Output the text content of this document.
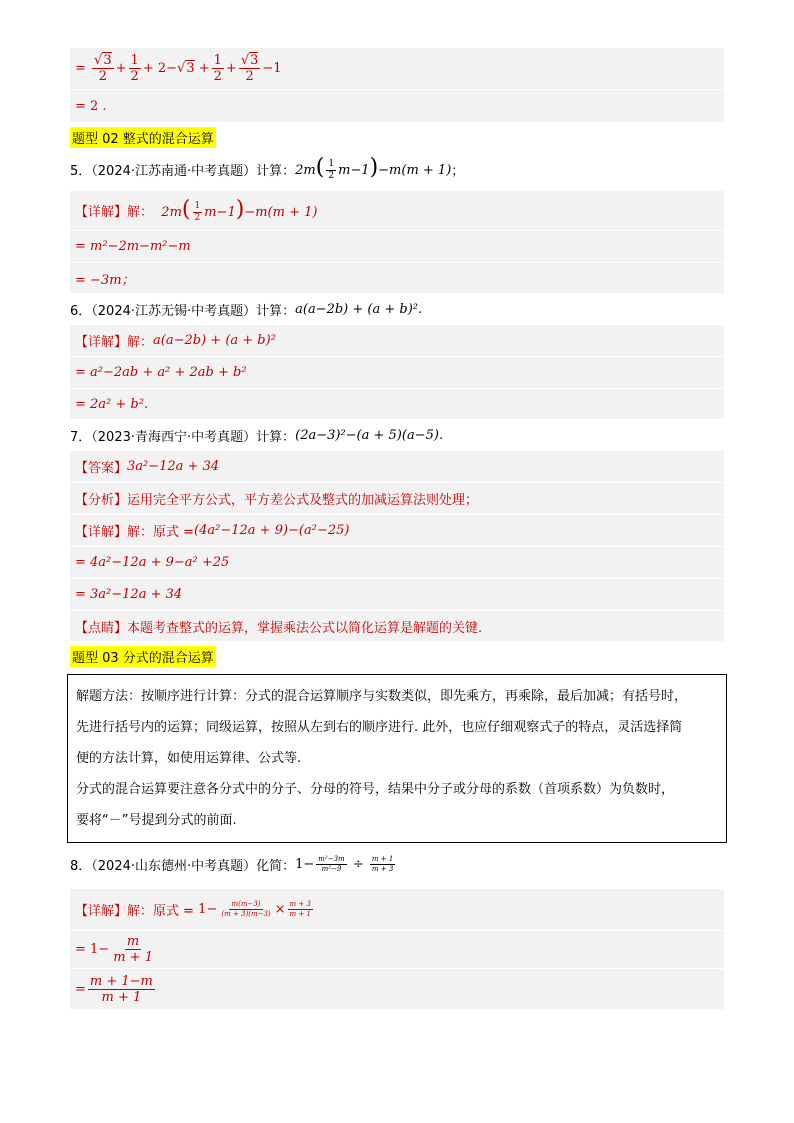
=
$\frac{√3}{2} + \frac{1}{2} + 2- √3 + \frac{1}{2} + \frac{√3}{2} -1$
= 2 .
题型 02 整式的混合运算
5．（2024·江苏南通·中考真题）计算： $2m( \frac{1}{2} m-1)-m(m + 1)$ ；
【详解】 解：
$2m( \frac{1}{2} m-1)-m(m + 1)$
= m²−2m−m²−m
= −3m；
6．（2024·江苏无锡·中考真题）计算： a(a−2b) + (a + b)².
【详解】 解： a(a−2b) + (a + b)²
= a²−2ab + a² + 2ab + b²
= 2a² + b².
7．（2023·青海西宁·中考真题）计算： (2a−3)²−(a + 5)(a−5).
【答案】 3a²−12a + 34
【分析】 运用完全平方公式，平方差公式及整式的加减运算法则处理；
【详解】 解：原式 = (4a²−12a + 9)−(a²−25)
= 4a²−12a + 9−a² +25
= 3a²−12a + 34
【点睛】 本题考查整式的运算，掌握乘法公式以简化运算是解题的关键.
题型 03 分式的混合运算
解题方法：按顺序进行计算：分式的混合运算顺序与实数类似，即先乘方，再乘除，最后加减；有括号时，
先进行括号内的运算；同级运算，按照从左到右的顺序进行. 此外，也应仔细观察式子的特点，灵活选择简
便的方法计算，如使用运算律、公式等.
分式的混合运算要注意各分式中的分子、分母的符号，结果中分子或分母的系数（首项系数）为负数时，
要将“－”号提到分式的前面.
8．（2024·山东德州·中考真题）化简： $1- \frac{\text{m²−3m}}{\text{m²−9}} \div \frac{m + 1}{m + 3}$
【详解】 解：原式 = $1- \frac{m(m-3)}{(m + 3)(m-3)} \times \frac{m + 3}{m + 1}$
= $1- \frac{m}{m + 1}$
= $\frac{m + 1-m}{m + 1}$
